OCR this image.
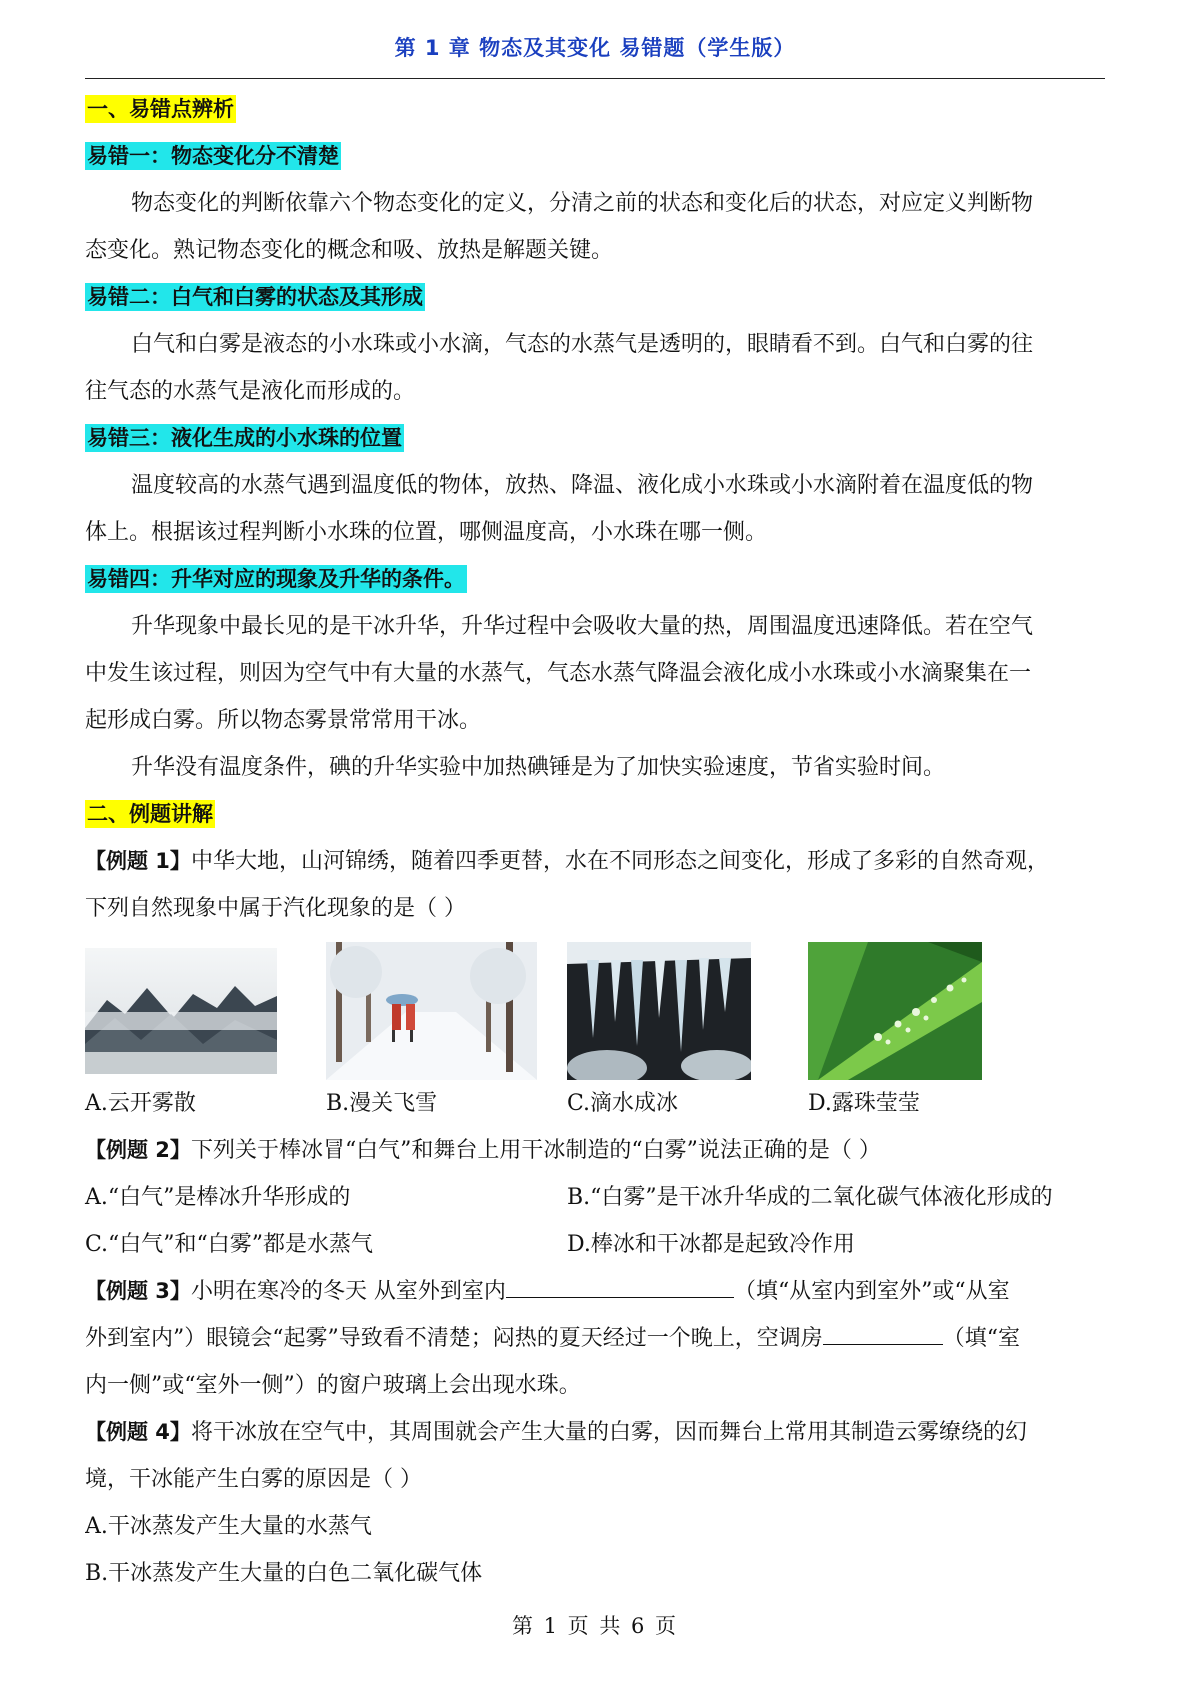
第 1 章 物态及其变化 易错题（学生版）
一、易错点辨析
易错一：物态变化分不清楚
物态变化的判断依靠六个物态变化的定义，分清之前的状态和变化后的状态，对应定义判断物
态变化。熟记物态变化的概念和吸、放热是解题关键。
易错二：白气和白雾的状态及其形成
白气和白雾是液态的小水珠或小水滴，气态的水蒸气是透明的，眼睛看不到。白气和白雾的往
往气态的水蒸气是液化而形成的。
易错三：液化生成的小水珠的位置
温度较高的水蒸气遇到温度低的物体，放热、降温、液化成小水珠或小水滴附着在温度低的物
体上。根据该过程判断小水珠的位置，哪侧温度高，小水珠在哪一侧。
易错四：升华对应的现象及升华的条件。
升华现象中最长见的是干冰升华，升华过程中会吸收大量的热，周围温度迅速降低。若在空气
中发生该过程，则因为空气中有大量的水蒸气，气态水蒸气降温会液化成小水珠或小水滴聚集在一
起形成白雾。所以物态雾景常常用干冰。
升华没有温度条件，碘的升华实验中加热碘锤是为了加快实验速度，节省实验时间。
二、例题讲解
【例题 1】中华大地，山河锦绣，随着四季更替，水在不同形态之间变化，形成了多彩的自然奇观，
下列自然现象中属于汽化现象的是（ ）
A.云开雾散	B.漫关飞雪	C.滴水成冰	D.露珠莹莹
【例题 2】下列关于棒冰冒“白气”和舞台上用干冰制造的“白雾”说法正确的是（ ）
A.“白气”是棒冰升华形成的	B.“白雾”是干冰升华成的二氧化碳气体液化形成的
C.“白气”和“白雾”都是水蒸气	D.棒冰和干冰都是起致冷作用
【例题 3】小明在寒冷的冬天 从室外到室内	（填“从室内到室外”或“从室
外到室内”）眼镜会“起雾”导致看不清楚；闷热的夏天经过一个晚上，空调房	（填“室
内一侧”或“室外一侧”）的窗户玻璃上会出现水珠。
【例题 4】将干冰放在空气中，其周围就会产生大量的白雾，因而舞台上常用其制造云雾缭绕的幻
境，干冰能产生白雾的原因是（ ）
A.干冰蒸发产生大量的水蒸气
B.干冰蒸发产生大量的白色二氧化碳气体
第 1 页 共 6 页
